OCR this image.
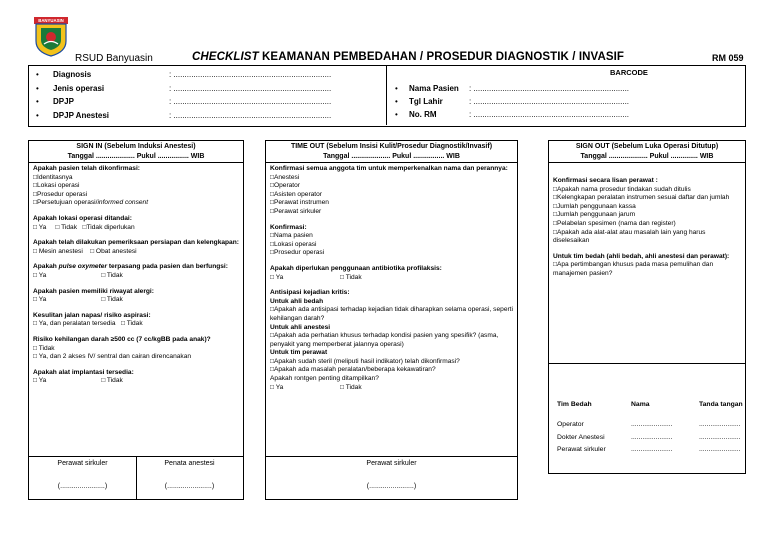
BANYUASIN
RSUD Banyuasin	CHECKLIST KEAMANAN PEMBEDAHAN / PROSEDUR DIAGNOSTIK / INVASIF	RM 059
•	Diagnosis	: .......................................................................
•	Jenis operasi	: .......................................................................
•	DPJP	: .......................................................................
•	DPJP Anestesi	: .......................................................................
BARCODE
•	Nama Pasien	: ......................................................................
•	Tgl Lahir	: ......................................................................
•	No. RM	: ......................................................................
SIGN IN (Sebelum Induksi Anestesi)
Tanggal .................... Pukul ................ WIB
Apakah pasien telah dikonfirmasi:
□Identitasnya
□Lokasi operasi
□Prosedur operasi
□Persetujuan operasi/informed consent
Apakah lokasi operasi ditandai:
□ Ya     □ Tidak   □Tidak diperlukan
Apakah telah dilakukan pemeriksaan persiapan dan kelengkapan:
□ Mesin anestesi    □ Obat anestesi
Apakah pulse oxymeter terpasang pada pasien dan berfungsi:
□ Ya                              □ Tidak
Apakah pasien memiliki riwayat alergi:
□ Ya                              □ Tidak
Kesulitan jalan napas/ risiko aspirasi:
□ Ya, dan peralatan tersedia   □ Tidak
Risiko kehilangan darah ≥500 cc (7 cc/kgBB pada anak)?
□ Tidak
□ Ya, dan 2 akses IV/ sentral dan cairan direncanakan
Apakah alat implantasi tersedia:
□ Ya                              □ Tidak
Perawat sirkuler
(.......................)
Penata anestesi
(.......................)
TIME OUT (Sebelum Insisi Kulit/Prosedur Diagnostik/Invasif)
Tanggal .................... Pukul ................ WIB
Konfirmasi semua anggota tim untuk memperkenalkan nama dan perannya:
□Anestesi
□Operator
□Asisten operator
□Perawat instrumen
□Perawat sirkuler
Konfirmasi:
□Nama pasien
□Lokasi operasi
□Prosedur operasi
Apakah diperlukan penggunaan antibiotika profilaksis:
□ Ya                               □ Tidak
Antisipasi kejadian kritis:
Untuk ahli bedah
□Apakah ada antisipasi terhadap kejadian tidak diharapkan selama operasi, seperti kehilangan darah?
Untuk ahli anestesi
□Apakah ada perhatian khusus terhadap kondisi pasien yang spesifik? (asma, penyakit yang memperberat jalannya operasi)
Untuk tim perawat
□Apakah sudah steril (meliputi hasil indikator) telah dikonfirmasi?
□Apakah ada masalah peralatan/beberapa kekawatiran?
Apakah rontgen penting ditampilkan?
□ Ya                               □ Tidak
Perawat sirkuler
(.......................)
SIGN OUT (Sebelum Luka Operasi Ditutup)
Tanggal .................... Pukul .............. WIB
Konfirmasi secara lisan perawat :
□Apakah nama prosedur tindakan sudah ditulis
□Kelengkapan peralatan instrumen sesuai daftar dan jumlah
□Jumlah penggunaan kassa
□Jumlah penggunaan jarum
□Pelabelan spesimen (nama dan register)
□Apakah ada alat-alat atau masalah lain yang harus diselesaikan
Untuk tim bedah (ahli bedah, ahli anestesi dan perawat):
□Apa pertimbangan khusus pada masa pemulihan dan manajemen pasien?
Tim Bedah	Nama	Tanda tangan
Operator	......................	......................
Dokter Anestesi	......................	......................
Perawat sirkuler	......................	......................
